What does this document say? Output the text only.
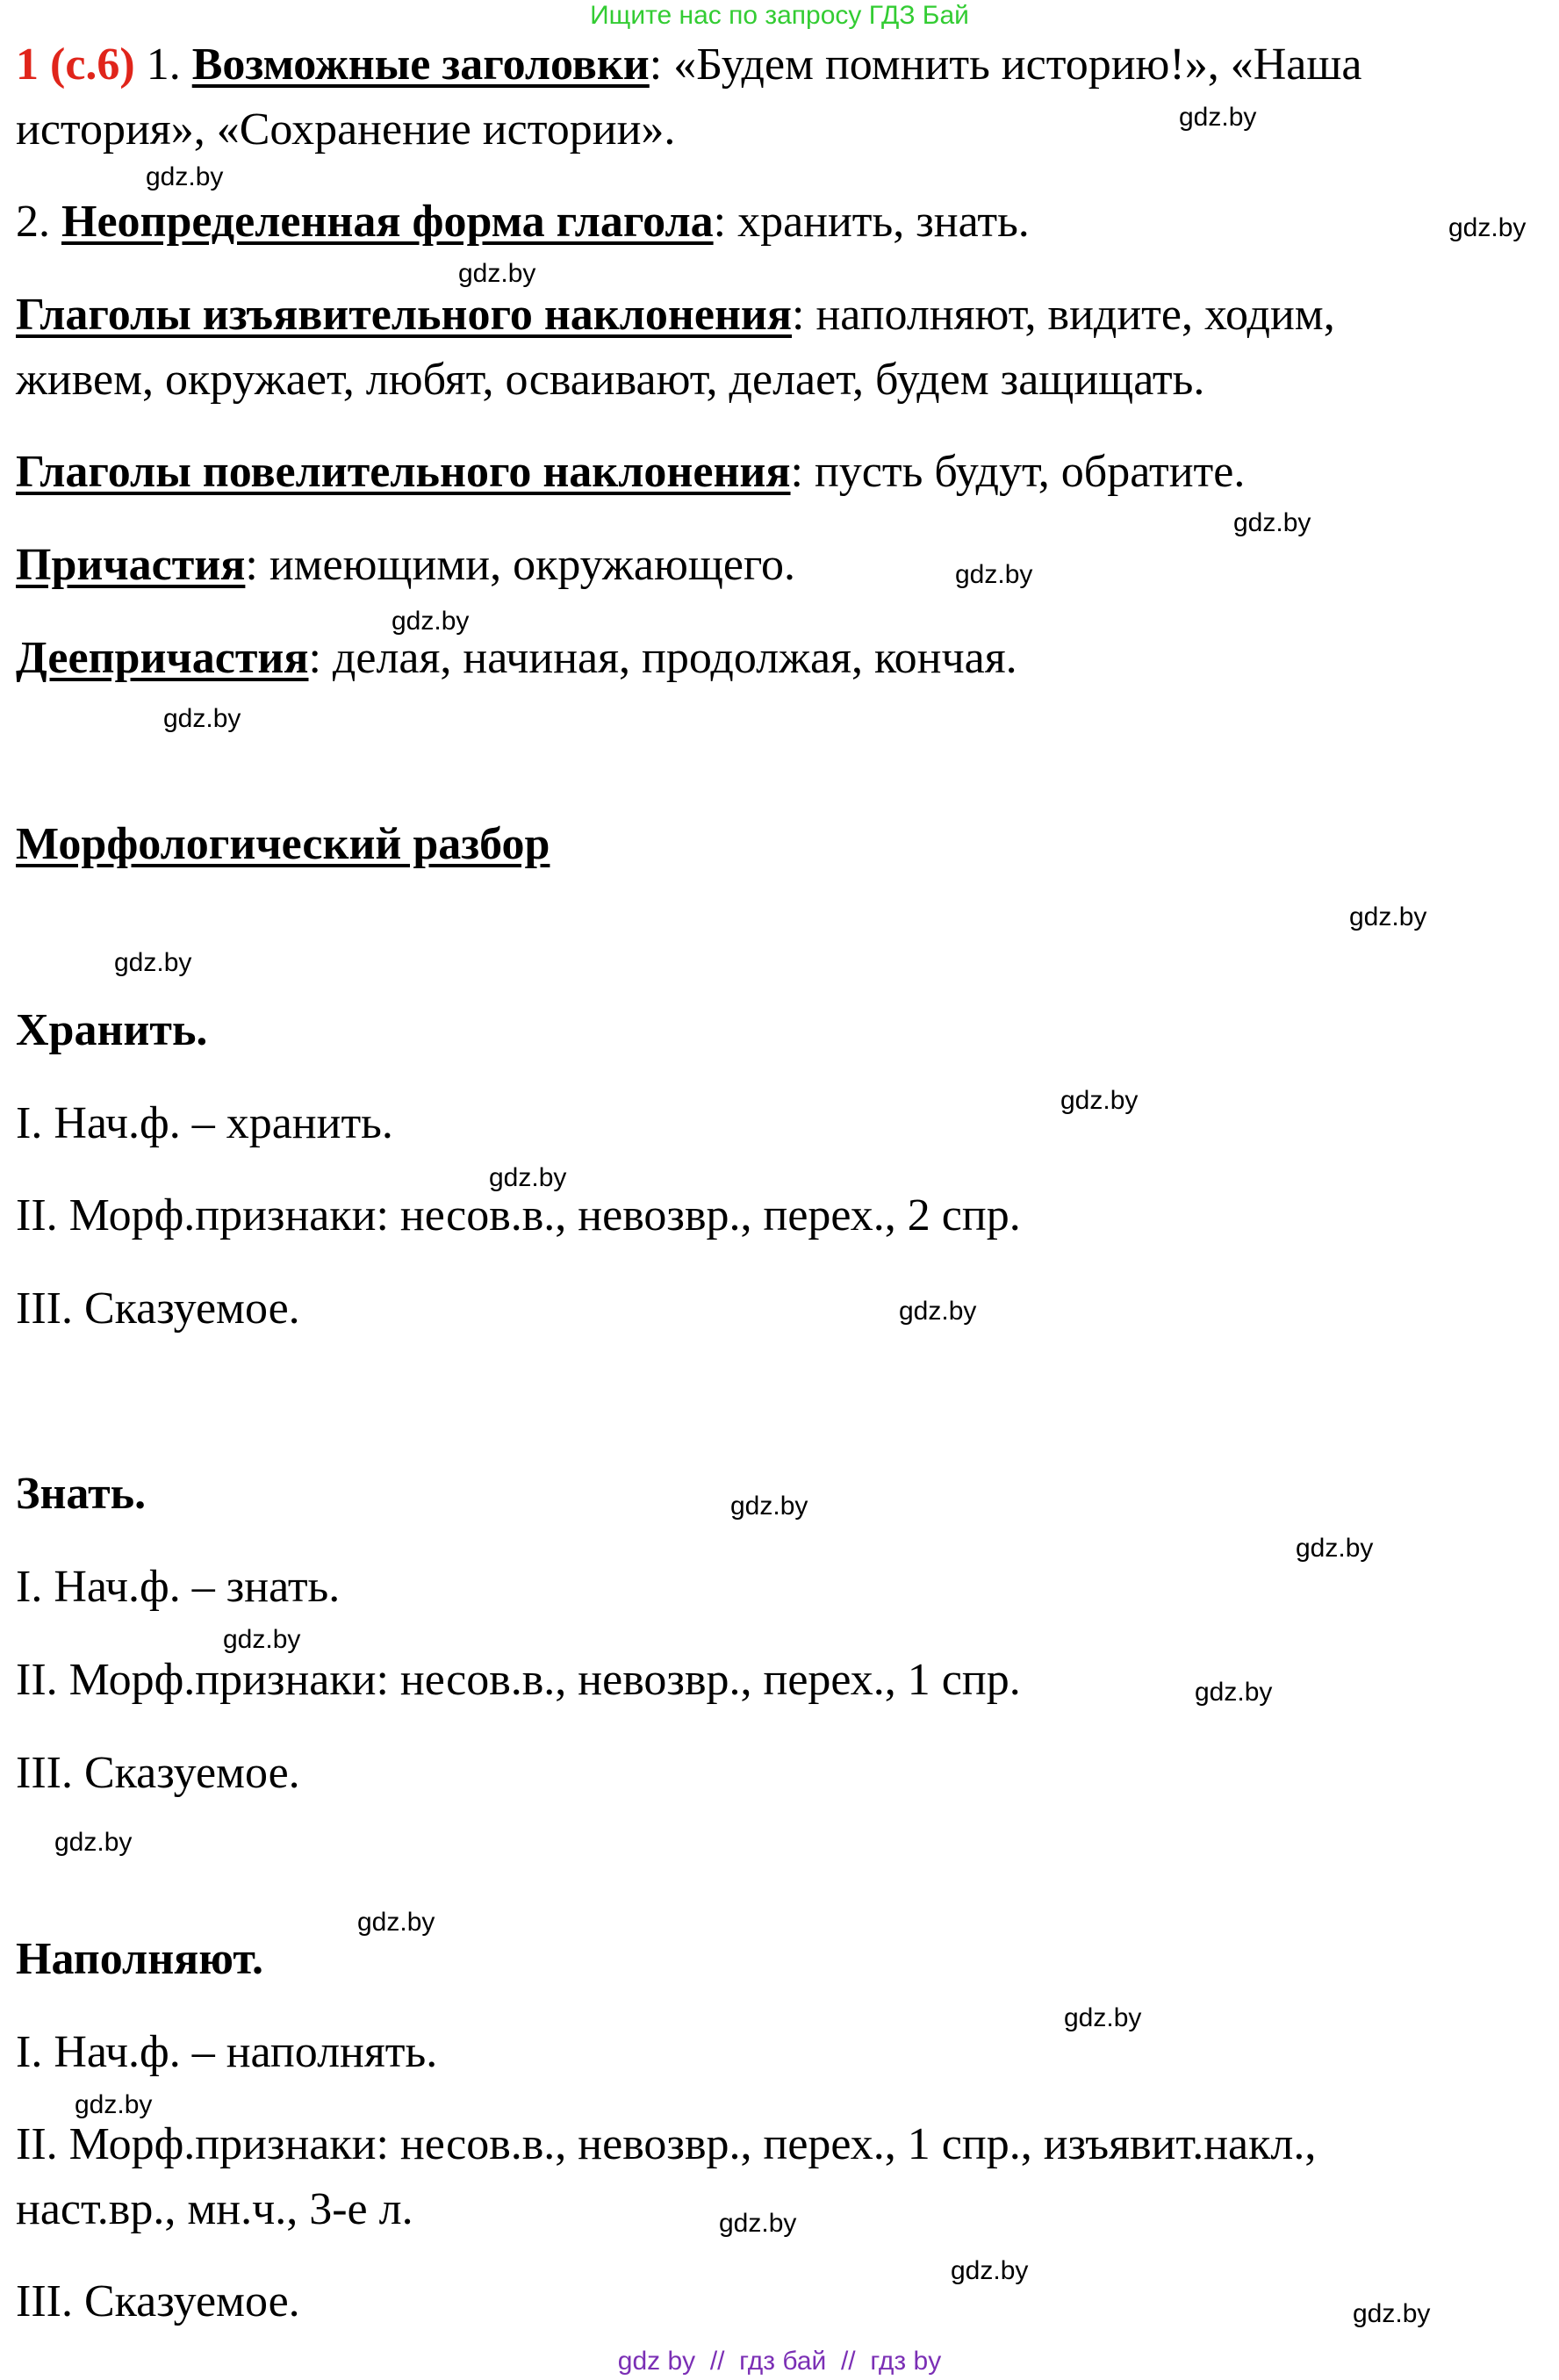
Ищите нас по запросу ГДЗ Бай
1 (с.6) 1. Возможные заголовки: «Будем помнить историю!», «Наша
история», «Сохранение истории».
2. Неопределенная форма глагола: хранить, знать.
Глаголы изъявительного наклонения: наполняют, видите, ходим,
живем, окружает, любят, осваивают, делает, будем защищать.
Глаголы повелительного наклонения: пусть будут, обратите.
Причастия: имеющими, окружающего.
Деепричастия: делая, начиная, продолжая, кончая.
Морфологический разбор
Хранить.
I. Нач.ф. – хранить.
II. Морф.признаки: несов.в., невозвр., перех., 2 спр.
III. Сказуемое.
Знать.
I. Нач.ф. – знать.
II. Морф.признаки: несов.в., невозвр., перех., 1 спр.
III. Сказуемое.
Наполняют.
I. Нач.ф. – наполнять.
II. Морф.признаки: несов.в., невозвр., перех., 1 спр., изъявит.накл.,
наст.вр., мн.ч., 3-е л.
III. Сказуемое.
gdz.by
gdz.by
gdz.by
gdz.by
gdz.by
gdz.by
gdz.by
gdz.by
gdz.by
gdz.by
gdz.by
gdz.by
gdz.by
gdz.by
gdz.by
gdz.by
gdz.by
gdz.by
gdz.by
gdz.by
gdz.by
gdz.by
gdz.by
gdz.by
gdz by  //  гдз бай  //  гдз by
